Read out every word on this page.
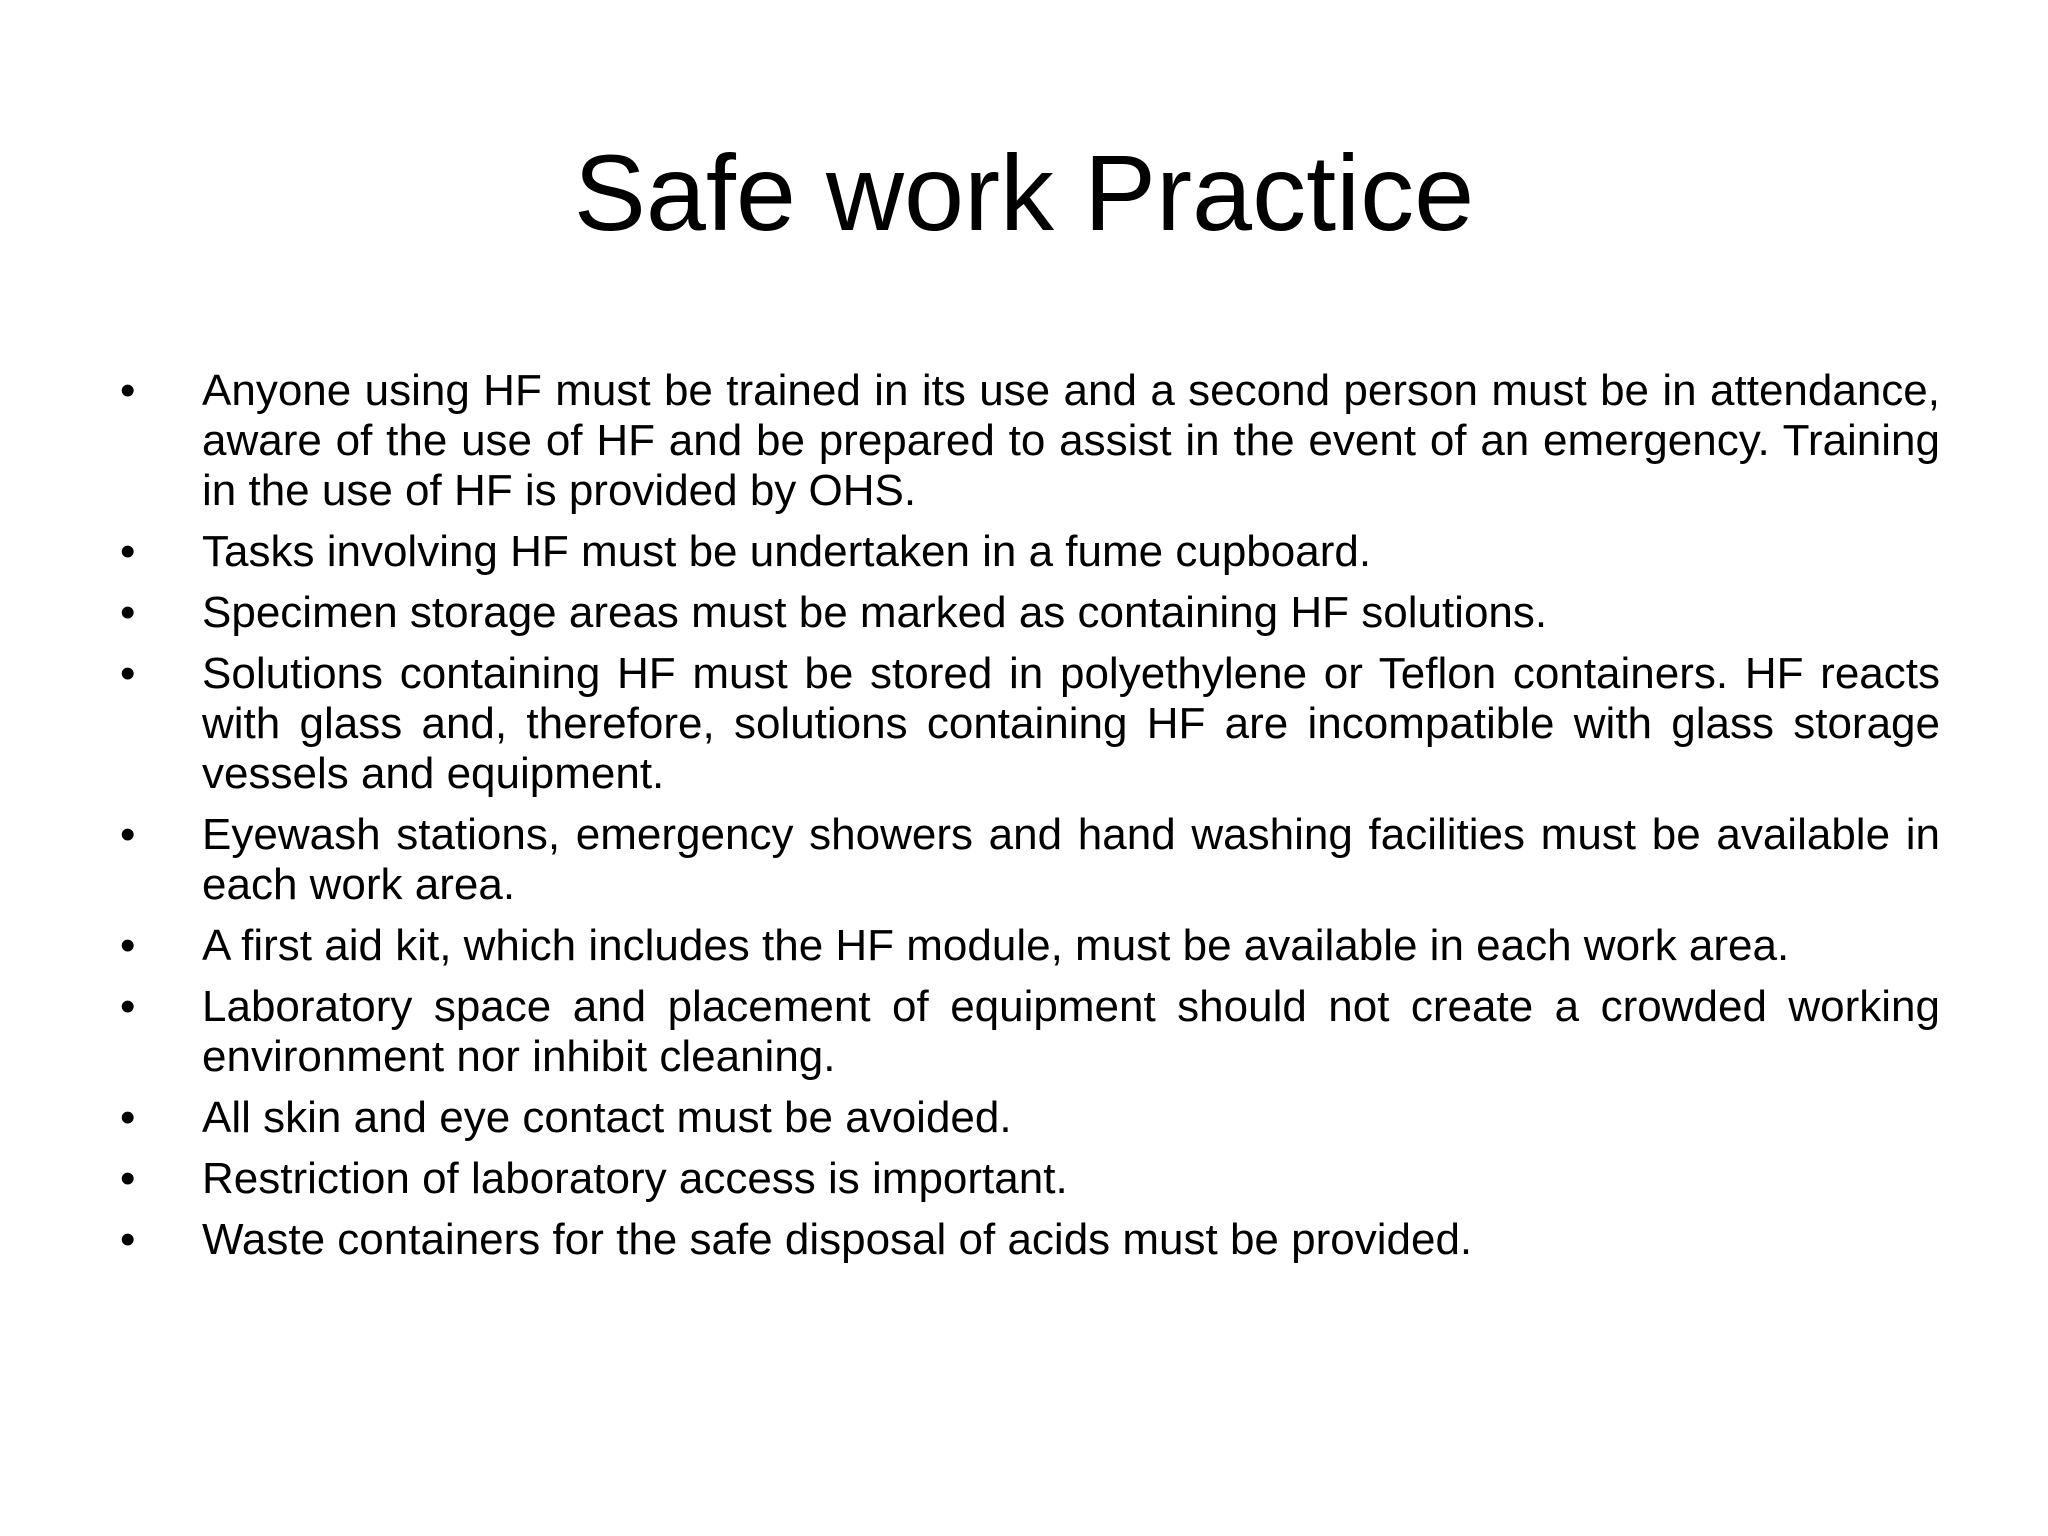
Safe work Practice
•	Anyone using HF must be trained in its use and a second person must be in attendance, aware of the use of HF and be prepared to assist in the event of an emergency. Training in the use of HF is provided by OHS.
•	Tasks involving HF must be undertaken in a fume cupboard.
•	Specimen storage areas must be marked as containing HF solutions.
•	Solutions containing HF must be stored in polyethylene or Teflon containers. HF reacts with glass and, therefore, solutions containing HF are incompatible with glass storage vessels and equipment.
•	Eyewash stations, emergency showers and hand washing facilities must be available in each work area.
•	A first aid kit, which includes the HF module, must be available in each work area.
•	Laboratory space and placement of equipment should not create a crowded working environment nor inhibit cleaning.
•	All skin and eye contact must be avoided.
•	Restriction of laboratory access is important.
•	Waste containers for the safe disposal of acids must be provided.
